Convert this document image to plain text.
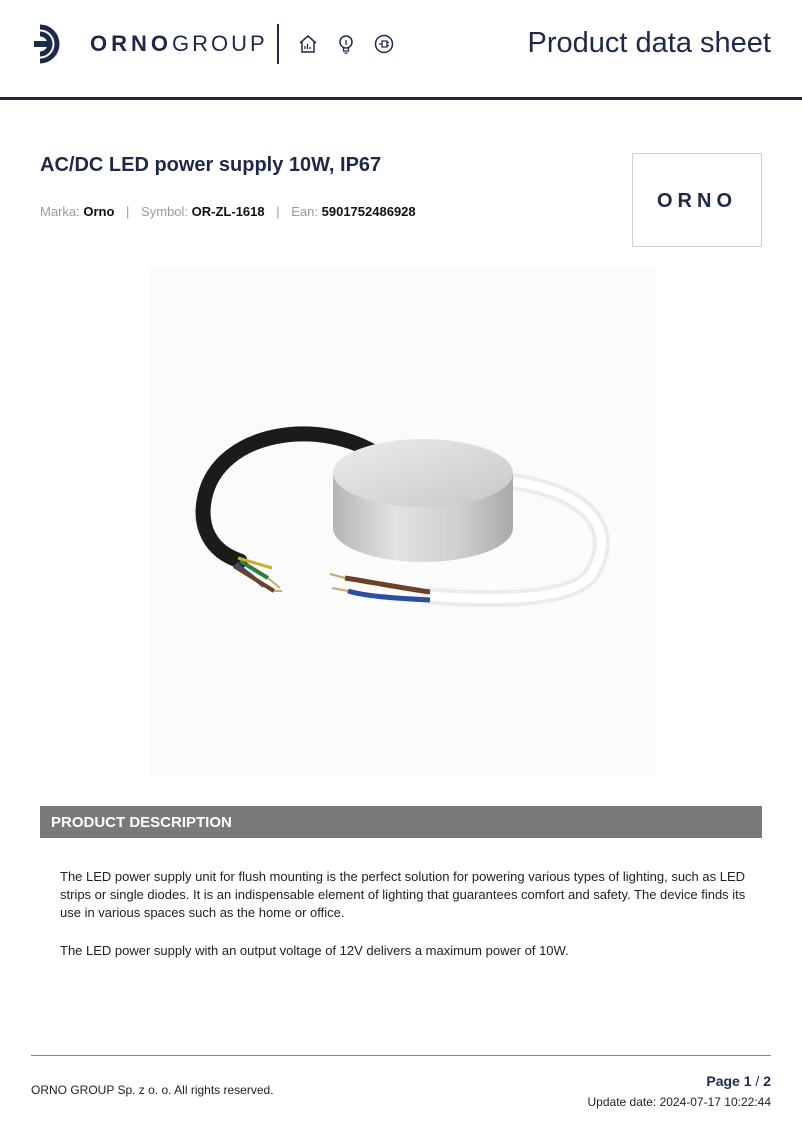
ORNOGROUP	Product data sheet
AC/DC LED power supply 10W, IP67
Marka: Orno | Symbol: OR-ZL-1618 | Ean: 5901752486928	ORNO
PRODUCT DESCRIPTION

The LED power supply unit for flush mounting is the perfect solution for powering various types of lighting, such as LED strips or single diodes. It is an indispensable element of lighting that guarantees comfort and safety. The device finds its use in various spaces such as the home or office.

The LED power supply with an output voltage of 12V delivers a maximum power of 10W.

ORNO GROUP Sp. z o. o. All rights reserved.
Page 1 / 2
Update date: 2024-07-17 10:22:44
